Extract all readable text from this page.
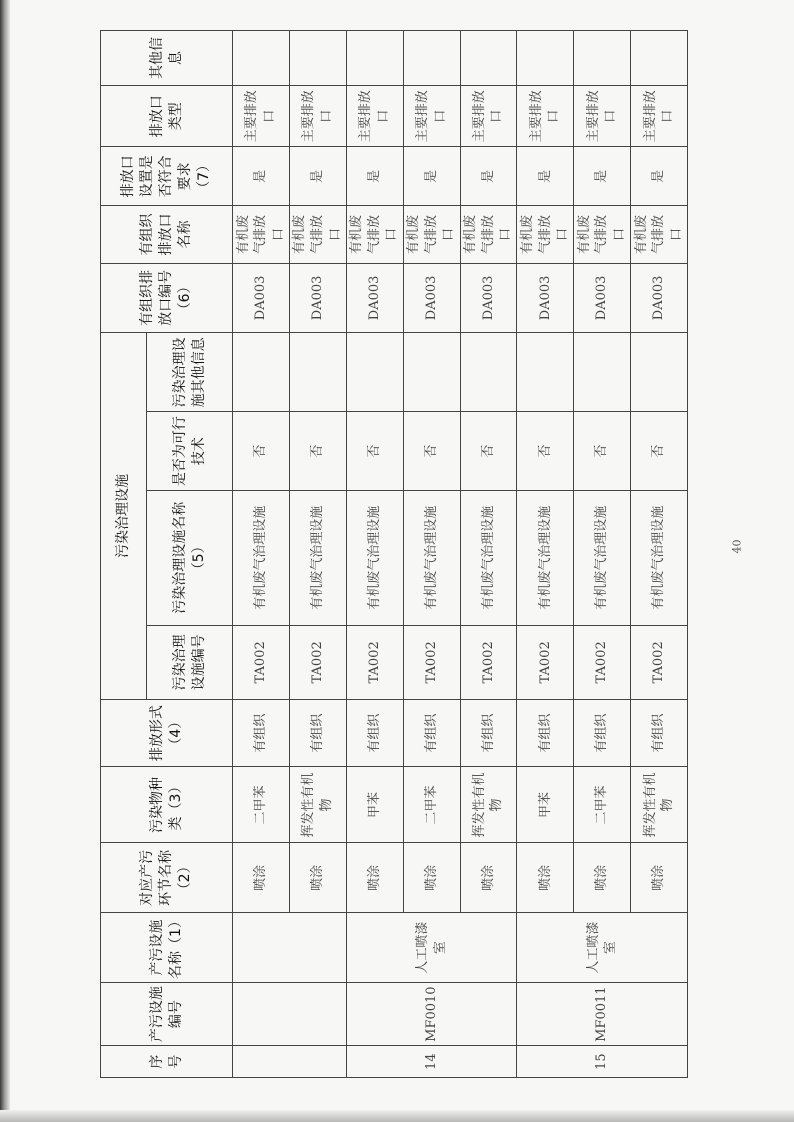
序号	产污设施编号	产污设施名称（1）	对应产污环节名称（2）	污染物种类（3）	排放形式（4）	污染治理设施				有组织排放口编号（6）	有组织排放口名称	排放口设置是否符合要求（7）	排放口类型	其他信息
						污染治理设施编号	污染治理设施名称（5）	是否为可行技术	污染治理设施其他信息					
			喷涂	二甲苯	有组织	TA002	有机废气治理设施	否		DA003	有机废气排放口	是	主要排放口	
			喷涂	挥发性有机物	有组织	TA002	有机废气治理设施	否		DA003	有机废气排放口	是	主要排放口	
14	MF0010	人工喷漆室	喷涂	甲苯	有组织	TA002	有机废气治理设施	否		DA003	有机废气排放口	是	主要排放口	
			喷涂	二甲苯	有组织	TA002	有机废气治理设施	否		DA003	有机废气排放口	是	主要排放口	
			喷涂	挥发性有机物	有组织	TA002	有机废气治理设施	否		DA003	有机废气排放口	是	主要排放口	
15	MF0011	人工喷漆室	喷涂	甲苯	有组织	TA002	有机废气治理设施	否		DA003	有机废气排放口	是	主要排放口	
			喷涂	二甲苯	有组织	TA002	有机废气治理设施	否		DA003	有机废气排放口	是	主要排放口	
			喷涂	挥发性有机物	有组织	TA002	有机废气治理设施	否		DA003	有机废气排放口	是	主要排放口	
40
